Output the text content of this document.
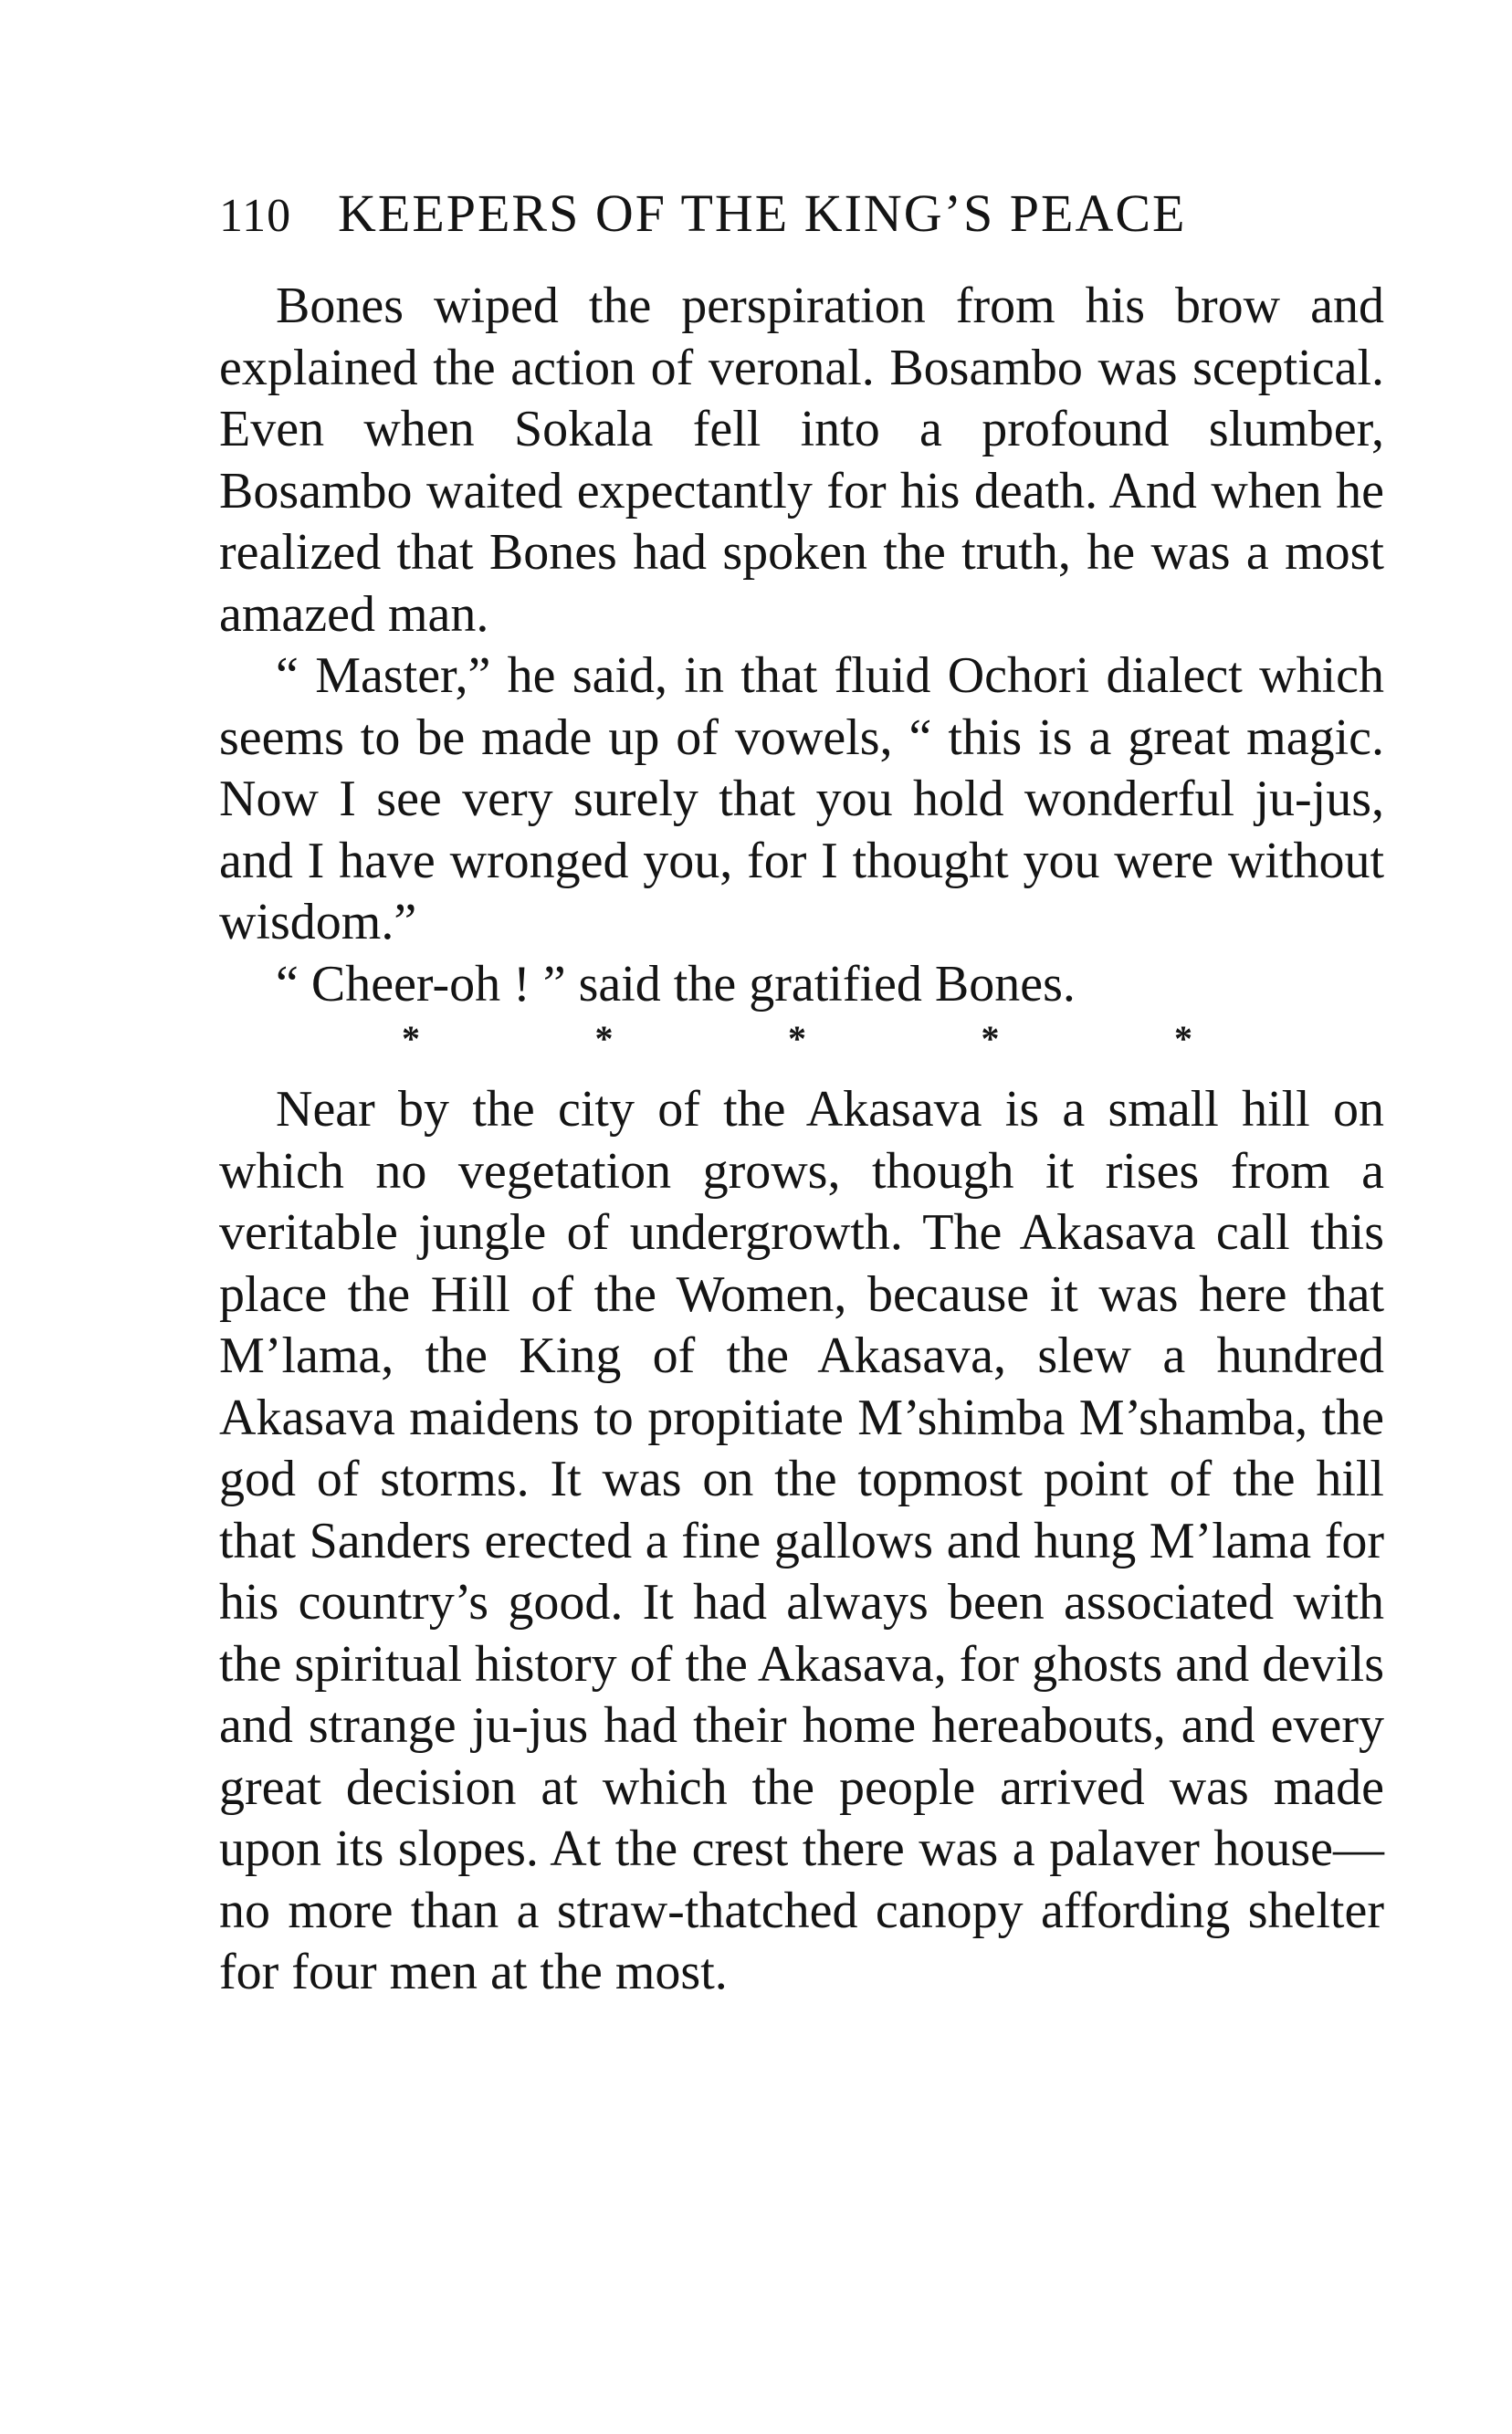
110 KEEPERS OF THE KING’S PEACE

Bones wiped the perspiration from his brow and explained the action of veronal. Bosambo was sceptical. Even when Sokala fell into a profound slumber, Bosambo waited expectantly for his death. And when he realized that Bones had spoken the truth, he was a most amazed man.

“ Master,” he said, in that fluid Ochori dialect which seems to be made up of vowels, “ this is a great magic. Now I see very surely that you hold wonderful ju-jus, and I have wronged you, for I thought you were without wisdom.”

“ Cheer-oh ! ” said the gratified Bones.

*	*	*	*	*

Near by the city of the Akasava is a small hill on which no vegetation grows, though it rises from a veritable jungle of undergrowth. The Akasava call this place the Hill of the Women, because it was here that M’lama, the King of the Akasava, slew a hundred Akasava maidens to propitiate M’shimba M’shamba, the god of storms. It was on the topmost point of the hill that Sanders erected a fine gallows and hung M’lama for his country’s good. It had always been associated with the spiritual history of the Akasava, for ghosts and devils and strange ju-jus had their home hereabouts, and every great decision at which the people arrived was made upon its slopes. At the crest there was a palaver house— no more than a straw-thatched canopy affording shelter for four men at the most.
